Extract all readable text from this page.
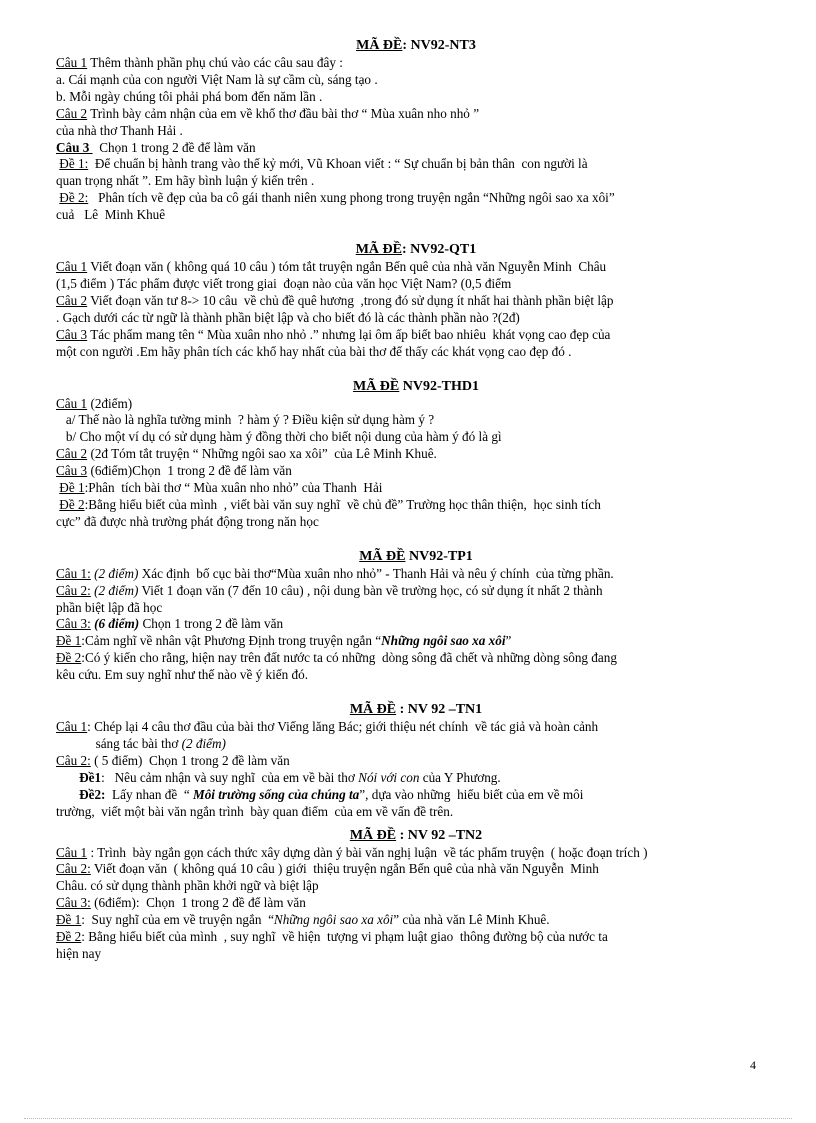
MÃ ĐỀ: NV92-NT3
Câu 1 Thêm thành phần phụ chú vào các câu sau đây :
a. Cái mạnh của con người Việt Nam là sự cầm cù, sáng tạo .
b. Mỗi ngày chúng tôi phải phá bom đến năm lần .
Câu 2 Trình bày cảm nhận của em về khổ thơ đầu bài thơ “ Mùa xuân nho nhỏ ”
của nhà thơ Thanh Hải .
Câu 3   Chọn 1 trong 2 đề để làm văn
Đề 1:  Để chuẩn bị hành trang vào thế kỷ mới, Vũ Khoan viết : “ Sự chuẩn bị bản thân  con người là
quan trọng nhất ”. Em hãy bình luận ý kiến trên .
Đề 2:   Phân tích vẽ đẹp của ba cô gái thanh niên xung phong trong truyện ngắn “Những ngôi sao xa xôi”
cuả   Lê  Minh Khuê
MÃ ĐỀ: NV92-QT1
Câu 1 Viết đoạn văn ( không quá 10 câu ) tóm tắt truyện ngắn Bến quê của nhà văn Nguyễn Minh  Châu
(1,5 điểm ) Tác phẩm được viết trong giai  đoạn nào của văn học Việt Nam? (0,5 điểm
Câu 2 Viết đoạn văn tư 8-> 10 câu  về chủ đề quê hương  ,trong đó sử dụng ít nhất hai thành phần biệt lập
. Gạch dưới các từ ngữ là thành phần biệt lập và cho biết đó là các thành phần nào ?(2đ)
Câu 3 Tác phẩm mang tên “ Mùa xuân nho nhỏ .” nhưng lại ôm ấp biết bao nhiêu  khát vọng cao đẹp của
một con người .Em hãy phân tích các khổ hay nhất của bài thơ để thấy các khát vọng cao đẹp đó .
MÃ ĐỀ NV92-THD1
Câu 1 (2điểm)
a/ Thế nào là nghĩa tường minh  ? hàm ý ? Điều kiện sử dụng hàm ý ?
b/ Cho một ví dụ có sử dụng hàm ý đồng thời cho biết nội dung của hàm ý đó là gì
Câu 2 (2đ Tóm tắt truyện “ Những ngôi sao xa xôi”  của Lê Minh Khuê.
Câu 3 (6điểm)Chọn  1 trong 2 đề để làm văn
Đề 1:Phân  tích bài thơ “ Mùa xuân nho nhỏ” của Thanh  Hải
Đề 2:Bằng hiểu biết của mình  , viết bài văn suy nghĩ  về chủ đề” Trường học thân thiện,  học sinh tích
cực” đã được nhà trường phát động trong năn học
MÃ ĐỀ NV92-TP1
Câu 1: (2 điểm) Xác định  bố cục bài thơ“Mùa xuân nho nhỏ” - Thanh Hải và nêu ý chính  của từng phần.
Câu 2: (2 điểm) Viết 1 đoạn văn (7 đến 10 câu) , nội dung bàn về trường học, có sử dụng ít nhất 2 thành
phần biệt lập đã học
Câu 3: (6 điểm) Chọn 1 trong 2 đề làm văn
Đề 1:Cảm nghĩ về nhân vật Phương Định trong truyện ngắn “Những ngôi sao xa xôi”
Đề 2:Có ý kiến cho rằng, hiện nay trên đất nước ta có những  dòng sông đã chết và những dòng sông đang
kêu cứu. Em suy nghĩ như thế nào về ý kiến đó.
MÃ ĐỀ : NV 92 –TN1
Câu 1: Chép lại 4 câu thơ đầu của bài thơ Viếng lăng Bác; giới thiệu nét chính  về tác giả và hoàn cảnh
sáng tác bài thơ (2 điểm)
Câu 2: ( 5 điểm)  Chọn 1 trong 2 đề làm văn
Đề1:   Nêu cảm nhận và suy nghĩ  của em về bài thơ Nói với con của Y Phương.
Đề2:  Lấy nhan đề  “ Môi trường sống của chúng ta”, dựa vào những  hiểu biết của em về môi
trường,  viết một bài văn ngắn trình  bày quan điểm  của em về vấn đề trên.
MÃ ĐỀ : NV 92 –TN2
Câu 1 : Trình  bày ngắn gọn cách thức xây dựng dàn ý bài văn nghị luận  về tác phẩm truyện  ( hoặc đoạn trích )
Câu 2: Viết đoạn văn  ( không quá 10 câu ) giới  thiệu truyện ngắn Bến quê của nhà văn Nguyễn  Minh
Châu. có sử dụng thành phần khởi ngữ và biệt lập
Câu 3: (6điểm):  Chọn  1 trong 2 đề để làm văn
Đề 1:  Suy nghĩ của em về truyện ngắn  “Những ngôi sao xa xôi” của nhà văn Lê Minh Khuê.
Đề 2: Bằng hiểu biết của mình  , suy nghĩ  về hiện  tượng vi phạm luật giao  thông đường bộ của nước ta
hiện nay
4
